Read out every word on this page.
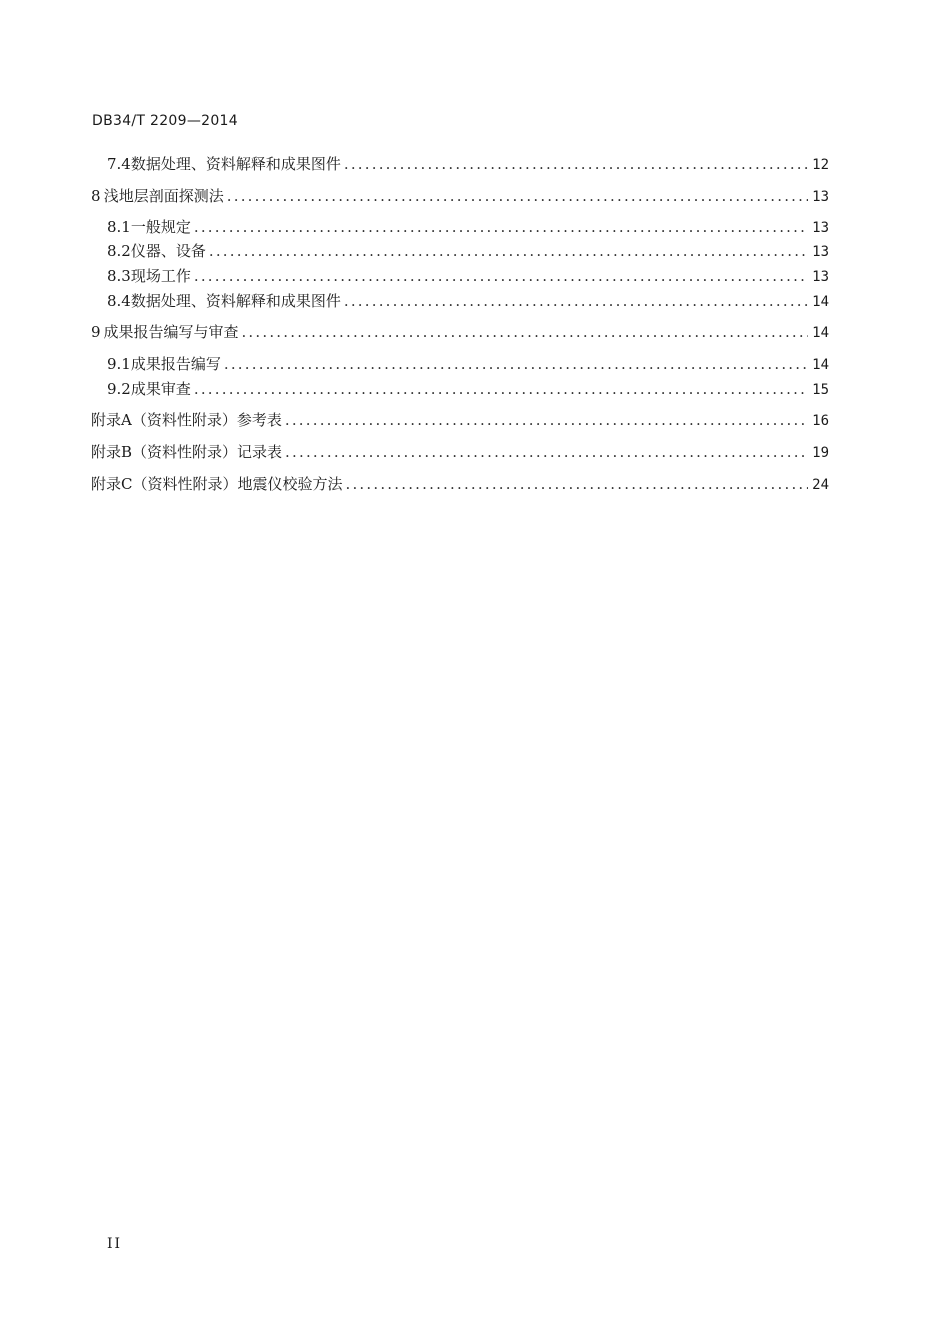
DB34/T 2209—2014
7.4 数据处理、资料解释和成果图件 .....	12
8 浅地层剖面探测法 .....	13
8.1 一般规定 .....	13
8.2 仪器、设备 .....	13
8.3 现场工作 .....	13
8.4 数据处理、资料解释和成果图件 .....	14
9 成果报告编写与审查 .....	14
9.1 成果报告编写 .....	14
9.2 成果审查 .....	15
附录A（资料性附录） 参考表 .....	16
附录B（资料性附录） 记录表 .....	19
附录C（资料性附录） 地震仪校验方法 .....	24
II
